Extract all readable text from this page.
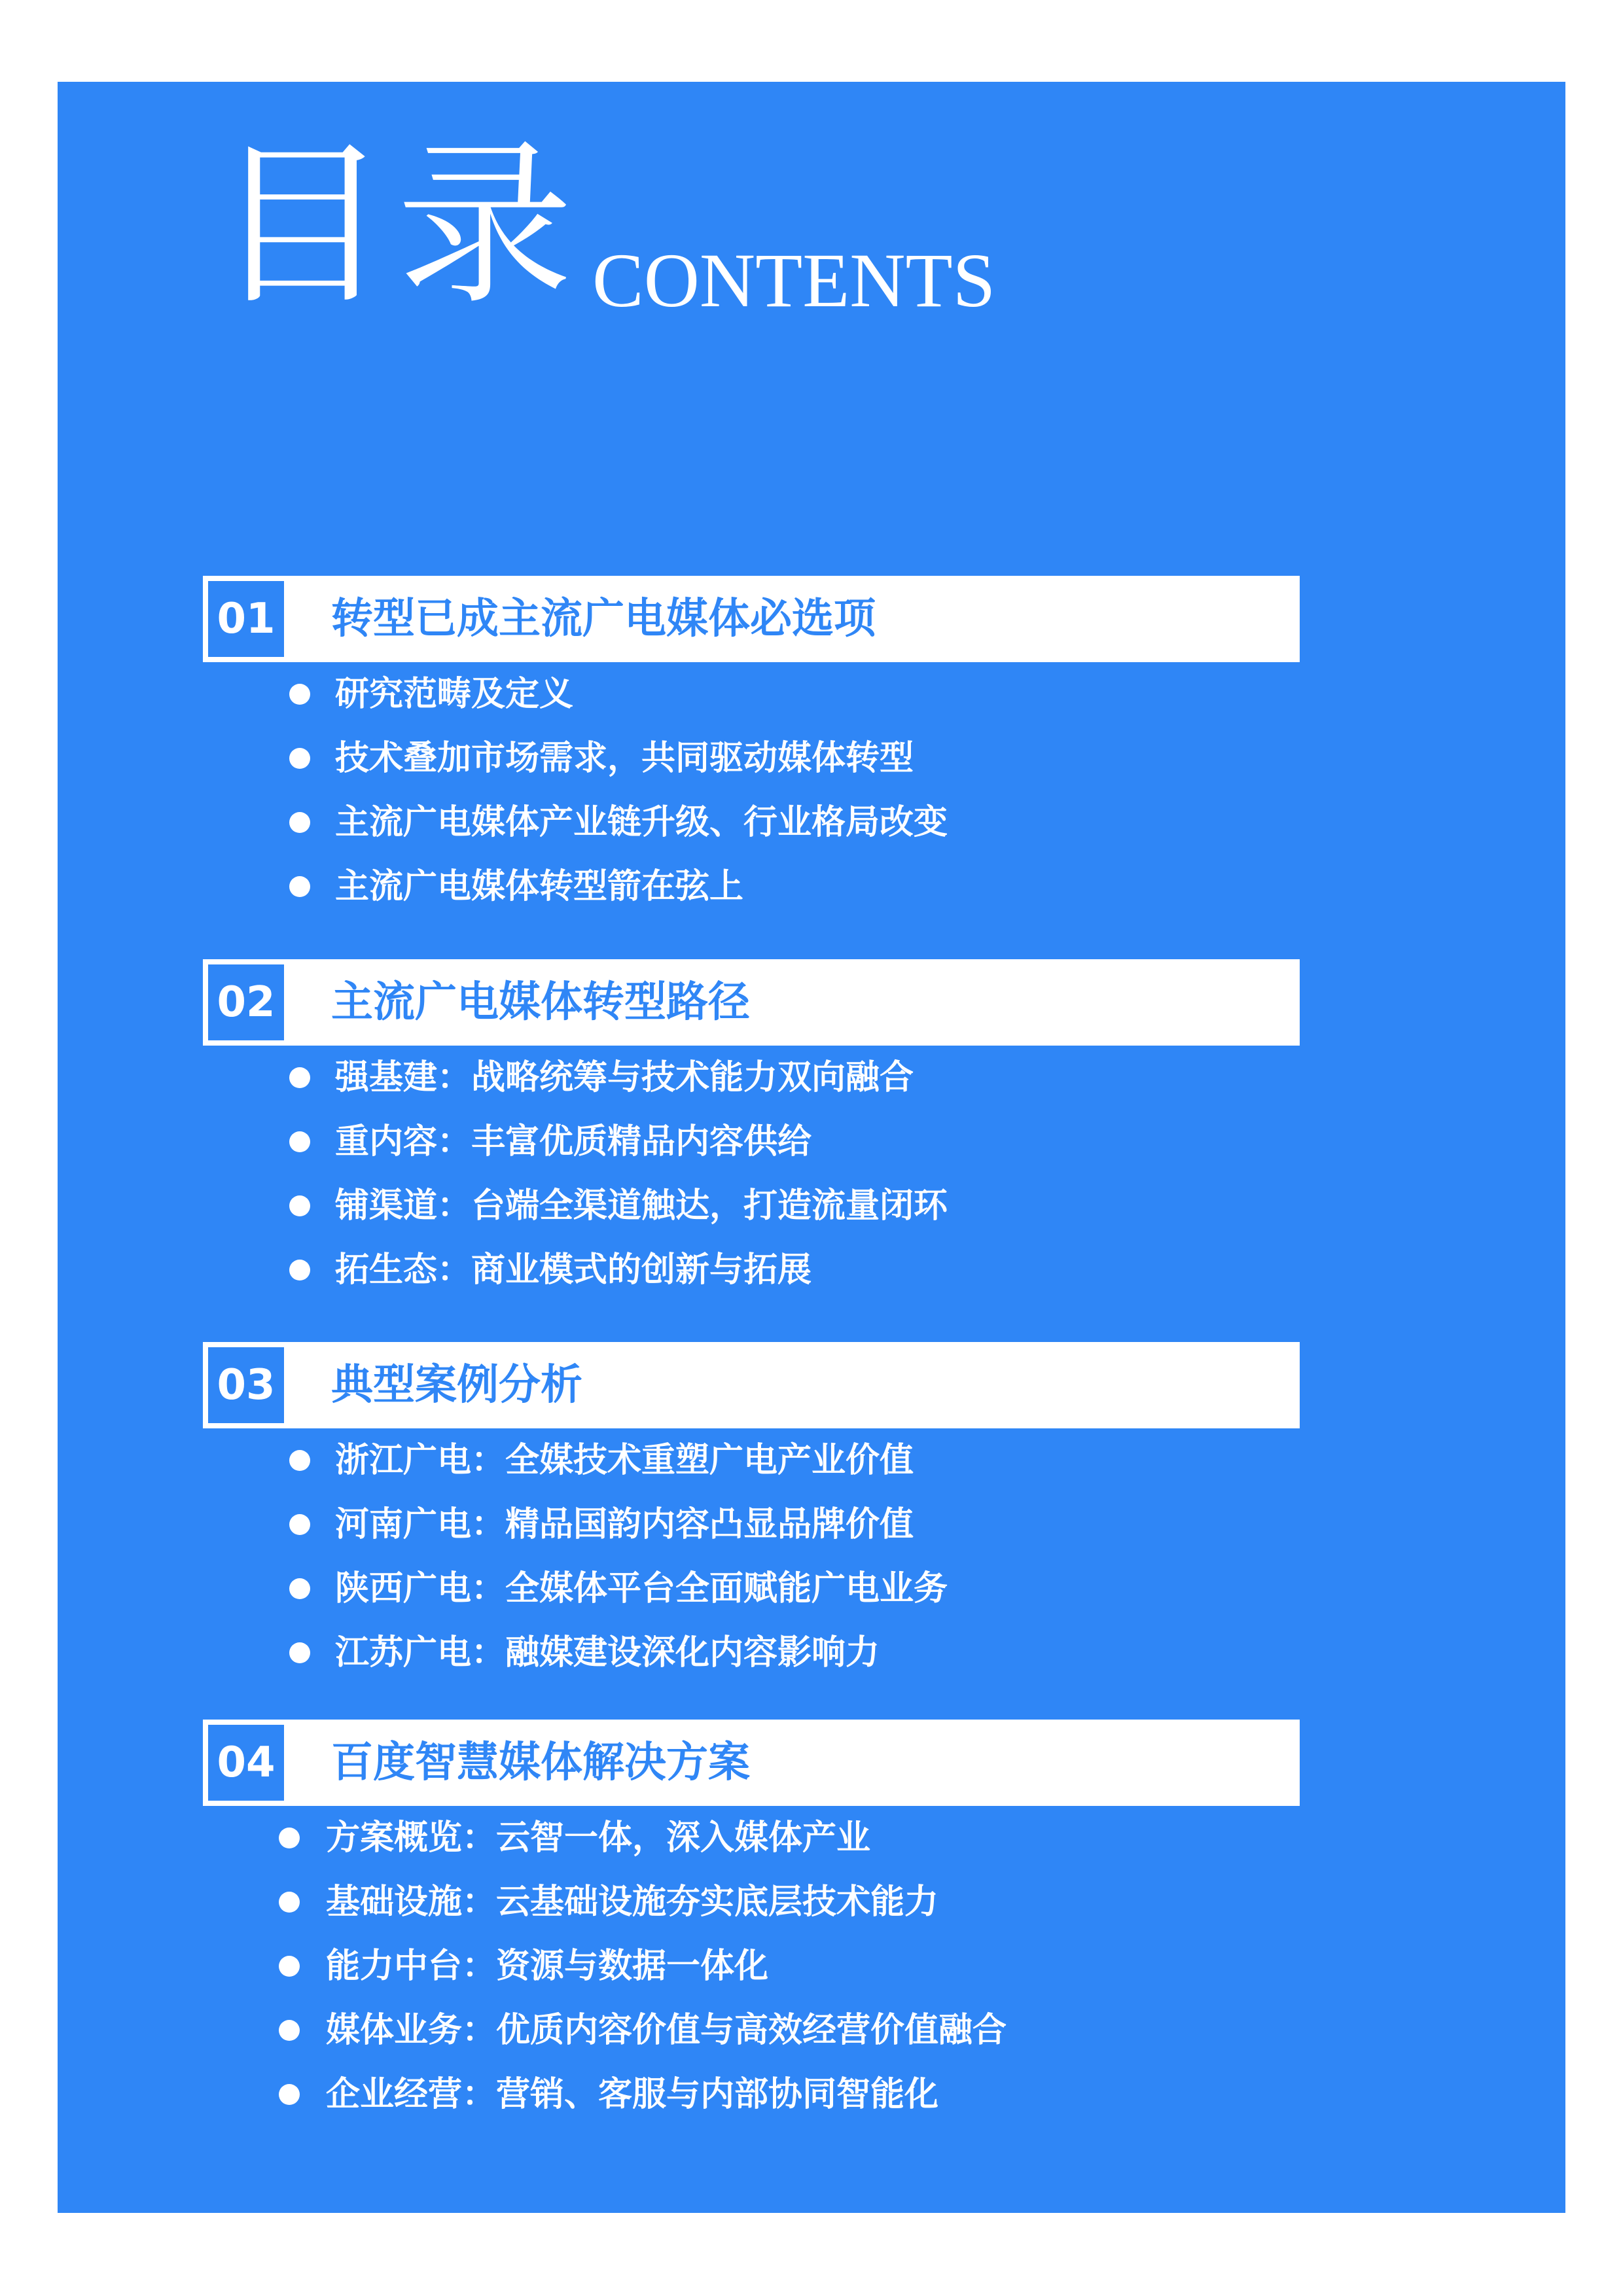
目录 CONTENTS
01 转型已成主流广电媒体必选项
研究范畴及定义
技术叠加市场需求，共同驱动媒体转型
主流广电媒体产业链升级、行业格局改变
主流广电媒体转型箭在弦上
02 主流广电媒体转型路径
强基建：战略统筹与技术能力双向融合
重内容：丰富优质精品内容供给
铺渠道：台端全渠道触达，打造流量闭环
拓生态：商业模式的创新与拓展
03 典型案例分析
浙江广电：全媒技术重塑广电产业价值
河南广电：精品国韵内容凸显品牌价值
陕西广电：全媒体平台全面赋能广电业务
江苏广电：融媒建设深化内容影响力
04 百度智慧媒体解决方案
方案概览：云智一体，深入媒体产业
基础设施：云基础设施夯实底层技术能力
能力中台：资源与数据一体化
媒体业务：优质内容价值与高效经营价值融合
企业经营：营销、客服与内部协同智能化
